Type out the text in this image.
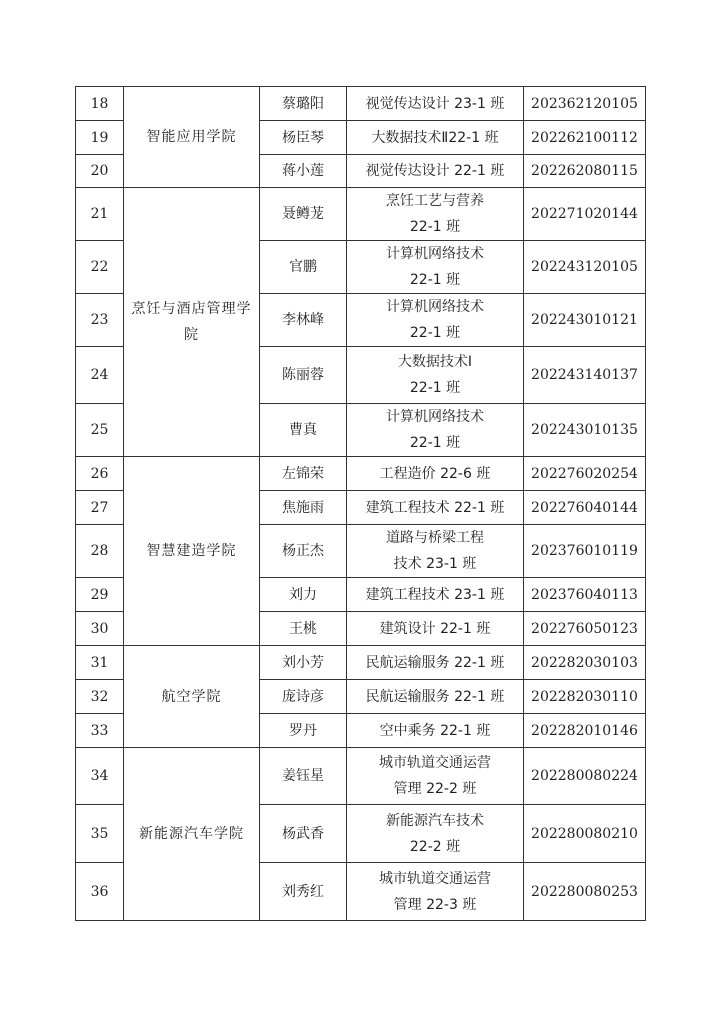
18	智能应用学院	蔡璐阳	视觉传达设计 23-1 班	202362120105
19		杨臣琴	大数据技术Ⅱ22-1 班	202262100112
20		蒋小莲	视觉传达设计 22-1 班	202262080115
21	烹饪与酒店管理学院	聂鳟茏	烹饪工艺与营养
22-1 班	202271020144
22		官鹏	计算机网络技术
22-1 班	202243120105
23		李林峰	计算机网络技术
22-1 班	202243010121
24		陈丽蓉	大数据技术Ⅰ
22-1 班	202243140137
25		曹真	计算机网络技术
22-1 班	202243010135
26	智慧建造学院	左锦荣	工程造价 22-6 班	202276020254
27		焦施雨	建筑工程技术 22-1 班	202276040144
28		杨正杰	道路与桥梁工程
技术 23-1 班	202376010119
29		刘力	建筑工程技术 23-1 班	202376040113
30		王桃	建筑设计 22-1 班	202276050123
31	航空学院	刘小芳	民航运输服务 22-1 班	202282030103
32		庞诗彦	民航运输服务 22-1 班	202282030110
33		罗丹	空中乘务 22-1 班	202282010146
34	新能源汽车学院	姜钰星	城市轨道交通运营
管理 22-2 班	202280080224
35		杨武香	新能源汽车技术
22-2 班	202280080210
36		刘秀红	城市轨道交通运营
管理 22-3 班	202280080253
